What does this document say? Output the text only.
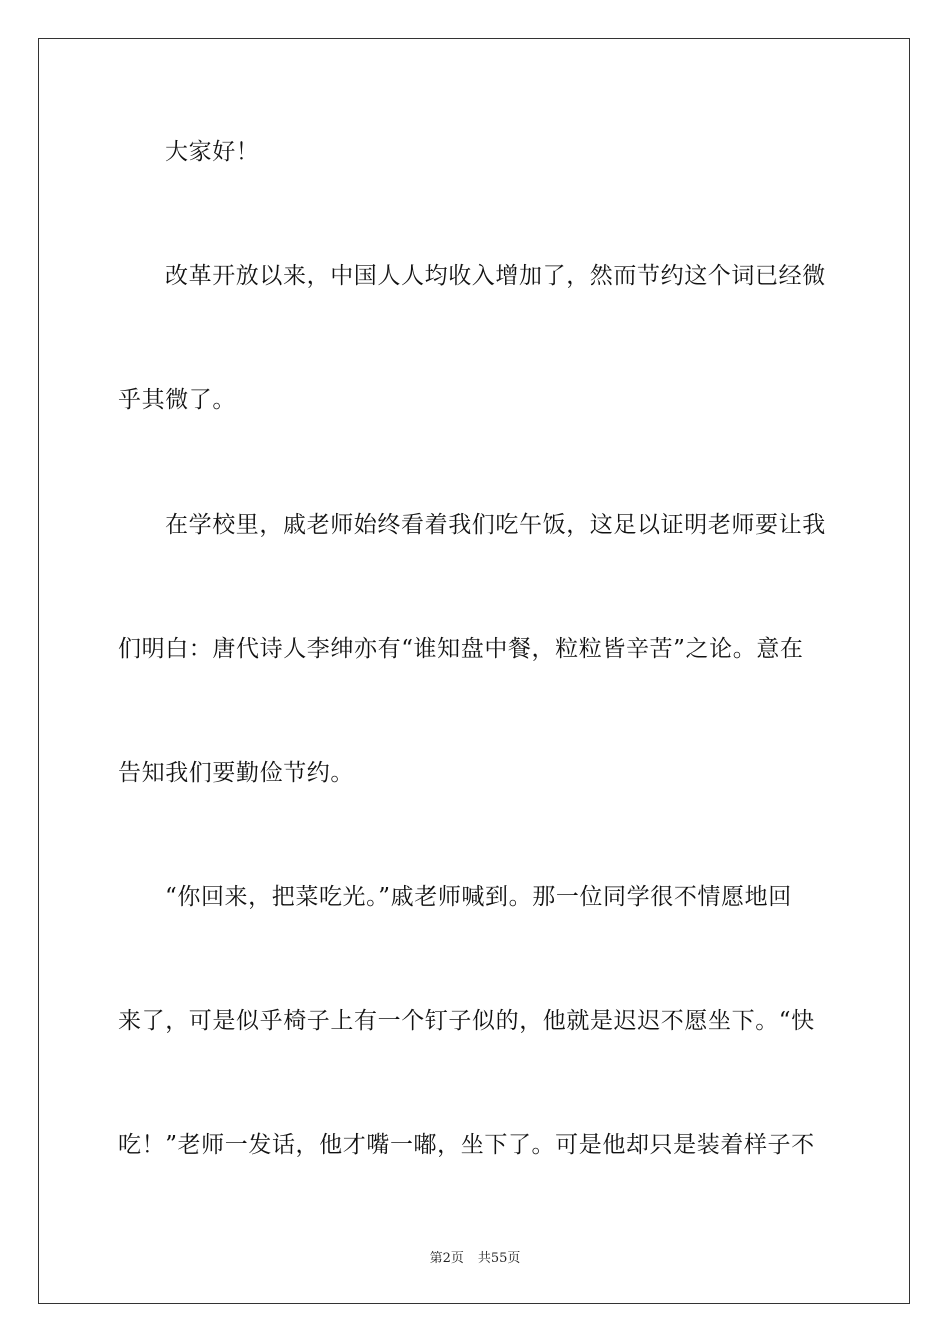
大家好！
改革开放以来，中国人人均收入增加了，然而节约这个词已经微
乎其微了。
在学校里，戚老师始终看着我们吃午饭，这足以证明老师要让我
们明白：唐代诗人李绅亦有“谁知盘中餐，粒粒皆辛苦”之论。意在
告知我们要勤俭节约。
“你回来，把菜吃光。”戚老师喊到。那一位同学很不情愿地回
来了，可是似乎椅子上有一个钉子似的，他就是迟迟不愿坐下。“快
吃！”老师一发话，他才嘴一嘟，坐下了。可是他却只是装着样子不
第2页 共55页
